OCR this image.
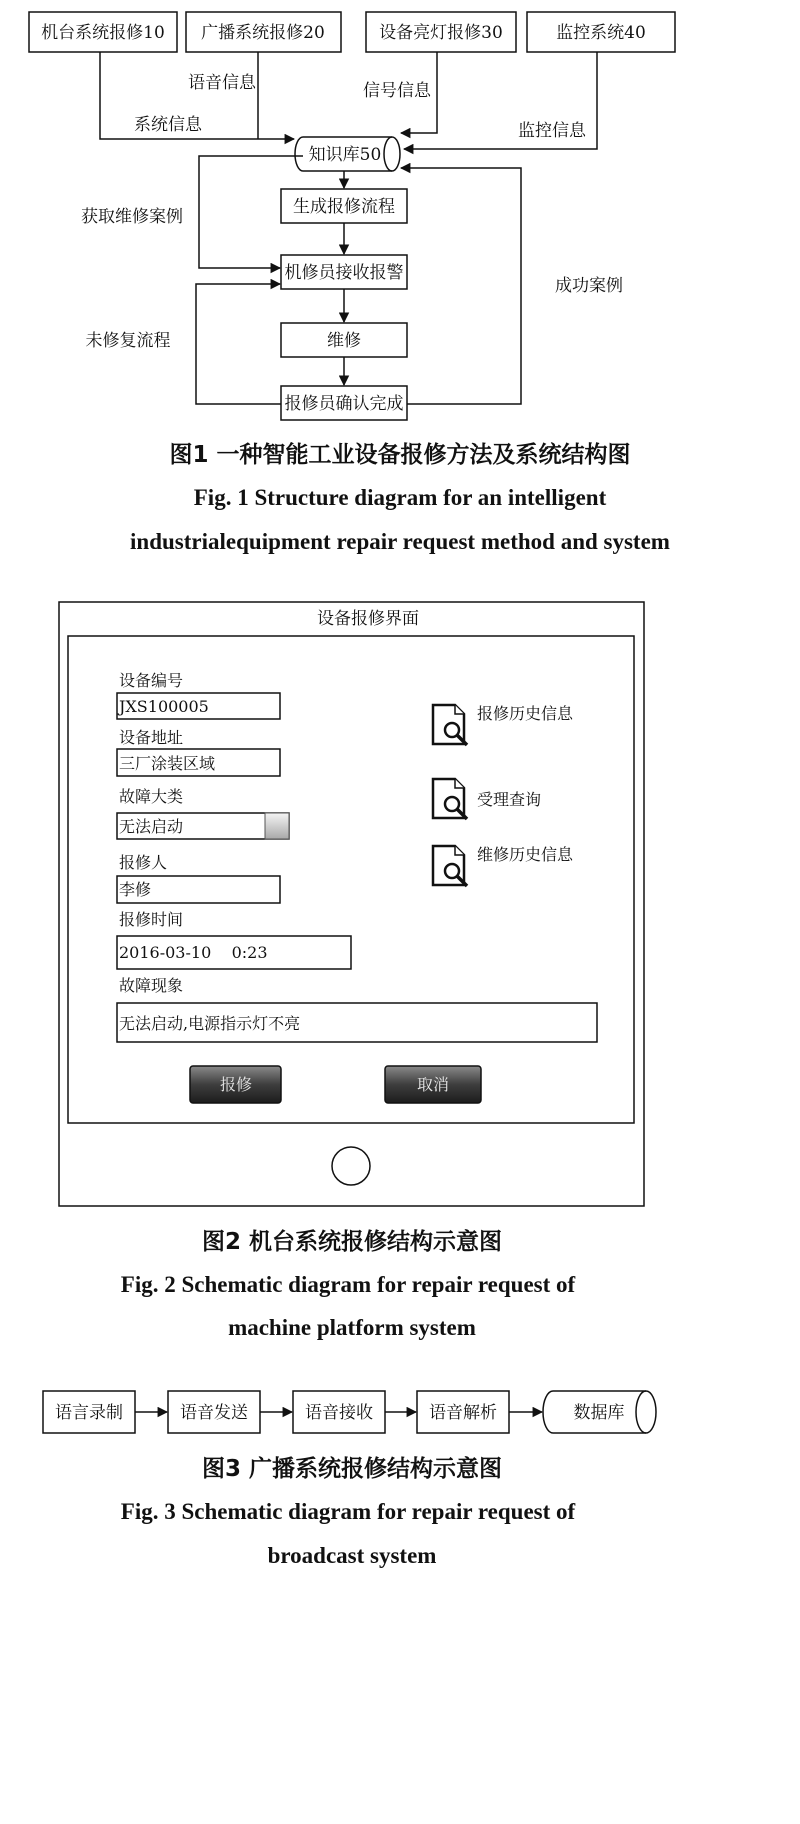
机台系统报修10 广播系统报修20	设备亮灯报修30	监控系统40
语音信息	信号信息
系统信息	监控信息
知识库50
生成报修流程
机修员接收报警
维修
报修员确认完成
获取维修案例
成功案例
未修复流程
图1 一种智能工业设备报修方法及系统结构图
Fig. 1 Structure diagram for an intelligent
industrialequipment repair request method and system
设备报修界面
设备编号
JXS100005
设备地址
三厂涂装区域
故障大类
无法启动
报修人
李修
报修时间
2016-03-10    0:23
故障现象
无法启动,电源指示灯不亮
报修历史信息
受理查询
维修历史信息
报修	取消
图2 机台系统报修结构示意图
Fig. 2 Schematic diagram for repair request of
machine platform system
语言录制	语音发送	语音接收	语音解析	数据库
图3 广播系统报修结构示意图
Fig. 3 Schematic diagram for repair request of
broadcast system
